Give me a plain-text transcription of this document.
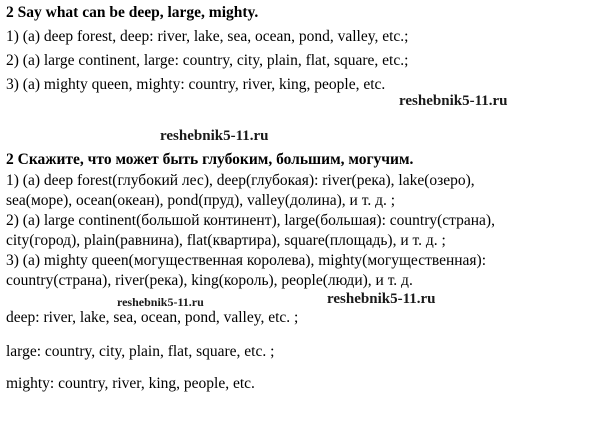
2 Say what can be deep, large, mighty.
1) (a) deep forest, deep: river, lake, sea, ocean, pond, valley, etc.;
2) (a) large continent, large: country, city, plain, flat, square, etc.;
3) (a) mighty queen, mighty: country, river, king, people, etc.
reshebnik5-11.ru
reshebnik5-11.ru
2 Скажите, что может быть глубоким, большим, могучим.
1) (a) deep forest(глубокий лес), deep(глубокая): river(река), lake(озеро),
sea(море), ocean(океан), pond(пруд), valley(долина), и т. д. ;
2) (a) large continent(большой континент), large(большая): country(страна),
city(город), plain(равнина), flat(квартира), square(площадь), и т. д. ;
3) (a) mighty queen(могущественная королева), mighty(могущественная):
country(страна), river(река), king(король), people(люди), и т. д.
reshebnik5-11.ru	reshebnik5-11.ru
deep: river, lake, sea, ocean, pond, valley, etc. ;
large: country, city, plain, flat, square, etc. ;
mighty: country, river, king, people, etc.
